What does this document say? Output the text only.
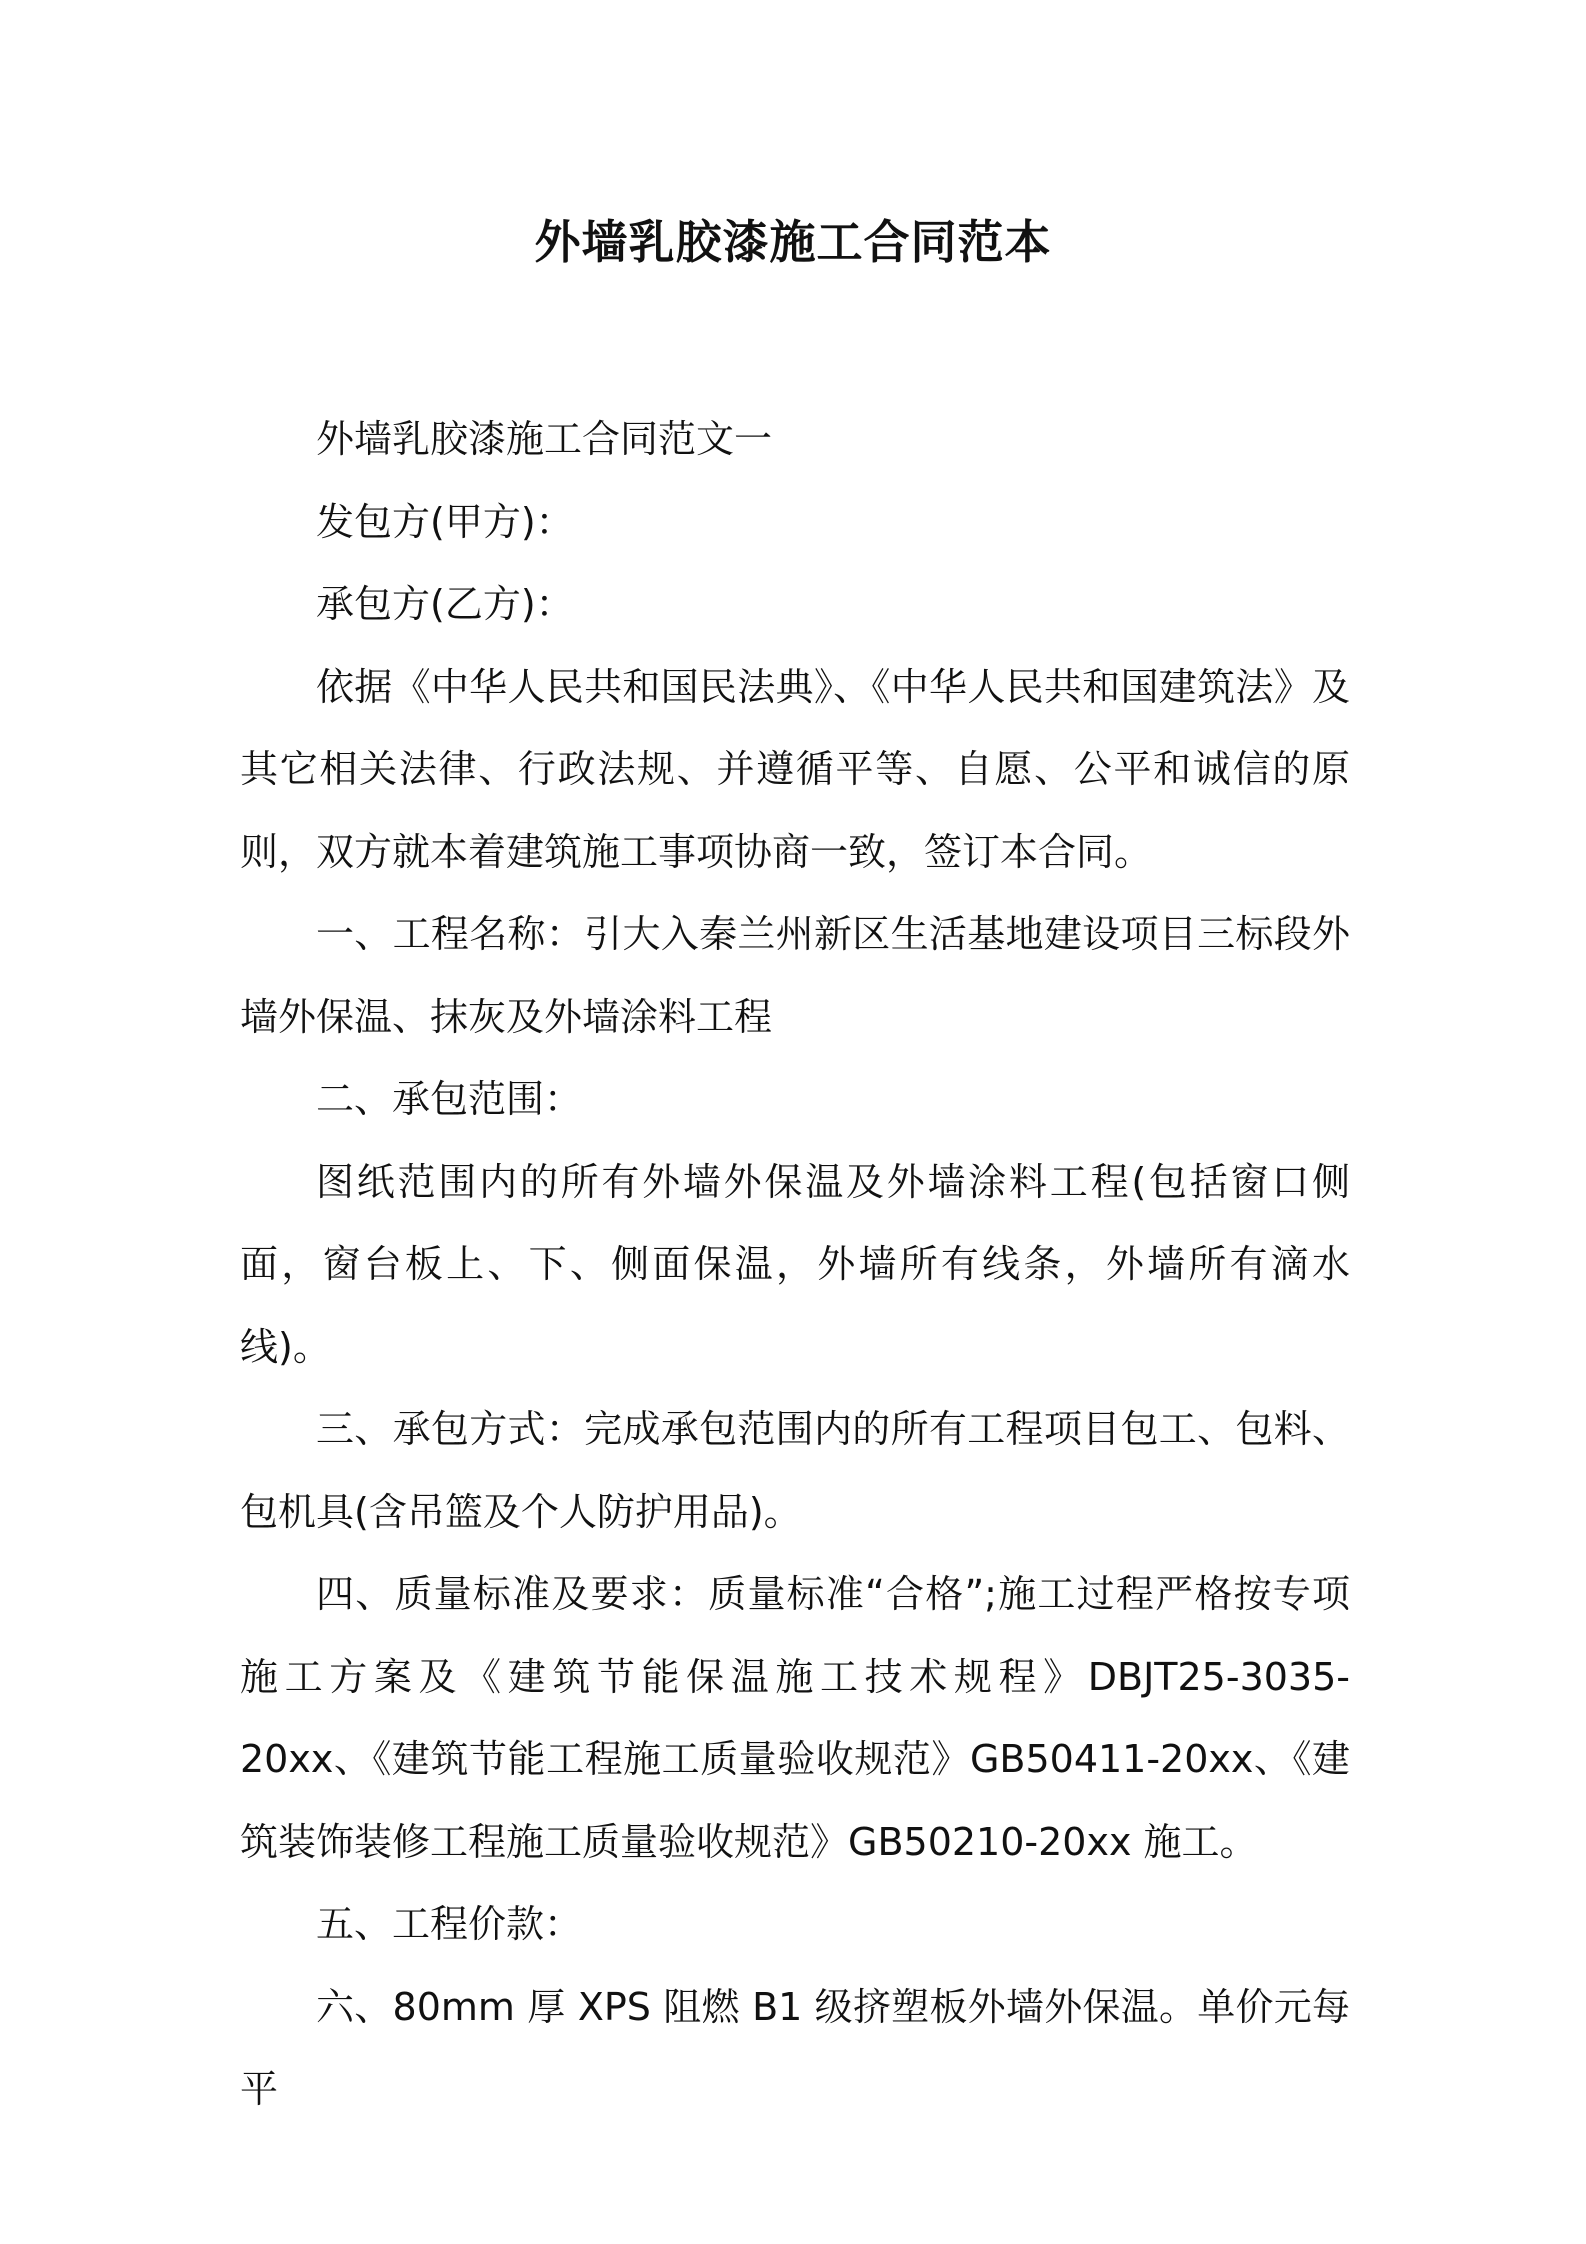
外墙乳胶漆施工合同范本

外墙乳胶漆施工合同范文一

发包方(甲方)：

承包方(乙方)：

依据《中华人民共和国民法典》、《中华人民共和国建筑法》及其它相关法律、行政法规、并遵循平等、自愿、公平和诚信的原则，双方就本着建筑施工事项协商一致，签订本合同。

一、工程名称：引大入秦兰州新区生活基地建设项目三标段外墙外保温、抹灰及外墙涂料工程

二、承包范围：

图纸范围内的所有外墙外保温及外墙涂料工程(包括窗口侧面，窗台板上、下、侧面保温，外墙所有线条，外墙所有滴水线)。

三、承包方式：完成承包范围内的所有工程项目包工、包料、包机具(含吊篮及个人防护用品)。

四、质量标准及要求：质量标准“合格”;施工过程严格按专项施工方案及《建筑节能保温施工技术规程》DBJT25-3035-20xx、《建筑节能工程施工质量验收规范》GB50411-20xx、《建筑装饰装修工程施工质量验收规范》GB50210-20xx 施工。

五、工程价款：

六、80mm 厚 XPS 阻燃 B1 级挤塑板外墙外保温。单价元每平
